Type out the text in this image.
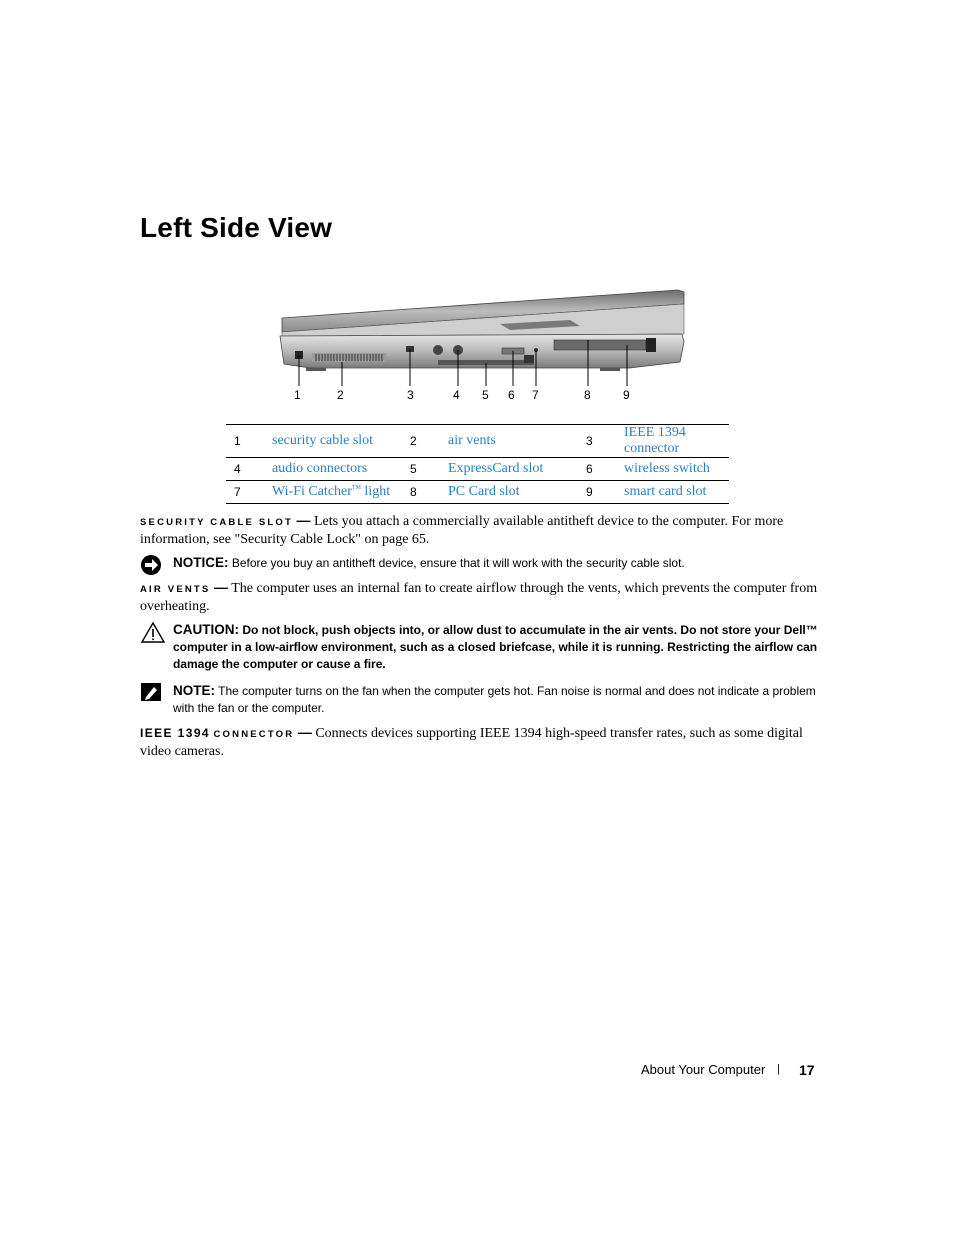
Left Side View
1	2	3	4 5 6 7	8	9
1	security cable slot	2	air vents	3	IEEE 1394 connector
4	audio connectors	5	ExpressCard slot	6	wireless switch
7	Wi-Fi Catcher™ light	8	PC Card slot	9	smart card slot
SECURITY CABLE SLOT — Lets you attach a commercially available antitheft device to the computer. For more information, see "Security Cable Lock" on page 65.
NOTICE: Before you buy an antitheft device, ensure that it will work with the security cable slot.
AIR VENTS — The computer uses an internal fan to create airflow through the vents, which prevents the computer from overheating.
CAUTION: Do not block, push objects into, or allow dust to accumulate in the air vents. Do not store your Dell™ computer in a low-airflow environment, such as a closed briefcase, while it is running. Restricting the airflow can damage the computer or cause a fire.
NOTE: The computer turns on the fan when the computer gets hot. Fan noise is normal and does not indicate a problem with the fan or the computer.
IEEE 1394 CONNECTOR — Connects devices supporting IEEE 1394 high-speed transfer rates, such as some digital video cameras.
About Your Computer | 17
